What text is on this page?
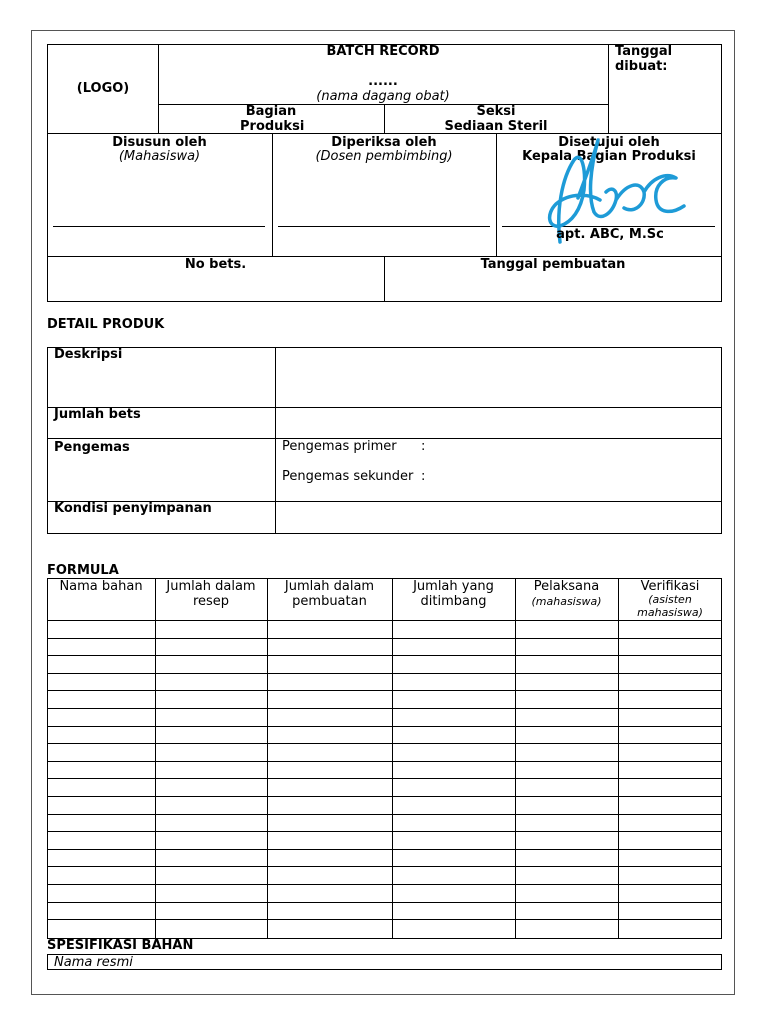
(LOGO)
BATCH RECORD
......
(nama dagang obat)
Tanggal dibuat:
Bagian Produksi
Seksi
Sediaan Steril
Disusun oleh
(Mahasiswa)
Diperiksa oleh
(Dosen pembimbing)
Disetujui oleh
Kepala Bagian Produksi
apt. ABC, M.Sc
No bets.	Tanggal pembuatan
DETAIL PRODUK
Deskripsi
Jumlah bets
Pengemas
Kondisi penyimpanan
Pengemas primer :
Pengemas sekunder :
FORMULA
Nama bahan	Jumlah dalam
resep
Jumlah dalam
pembuatan
Jumlah yang
ditimbang
Pelaksana
(mahasiswa)
Verifikasi
(asisten
mahasiswa)
SPESIFIKASI BAHAN
Nama resmi
